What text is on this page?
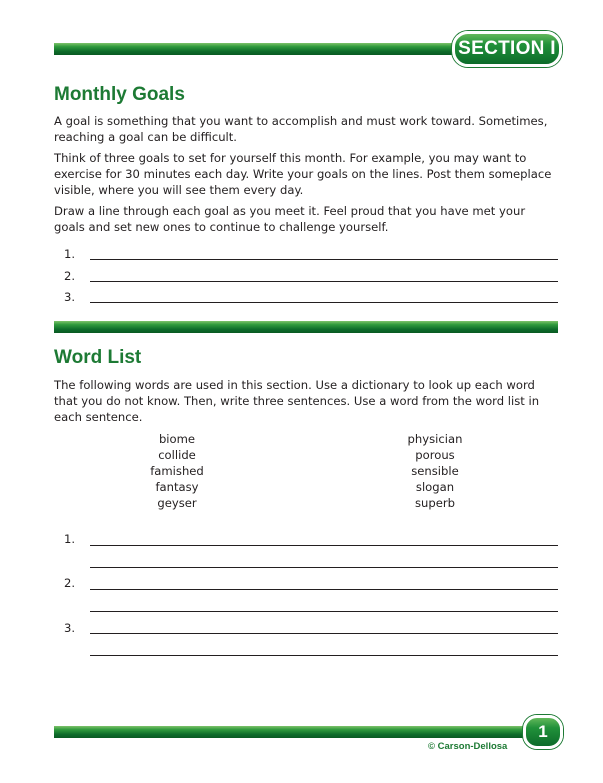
SECTION I
Monthly Goals

A goal is something that you want to accomplish and must work toward. Sometimes, reaching a goal can be difficult.

Think of three goals to set for yourself this month. For example, you may want to exercise for 30 minutes each day. Write your goals on the lines. Post them someplace visible, where you will see them every day.

Draw a line through each goal as you meet it. Feel proud that you have met your goals and set new ones to continue to challenge yourself.

1.
2.
3.
Word List

The following words are used in this section. Use a dictionary to look up each word that you do not know. Then, write three sentences. Use a word from the word list in each sentence.

biome
collide
famished
fantasy
geyser
physician
porous
sensible
slogan
superb
1.
2.
3.
1
© Carson-Dellosa
